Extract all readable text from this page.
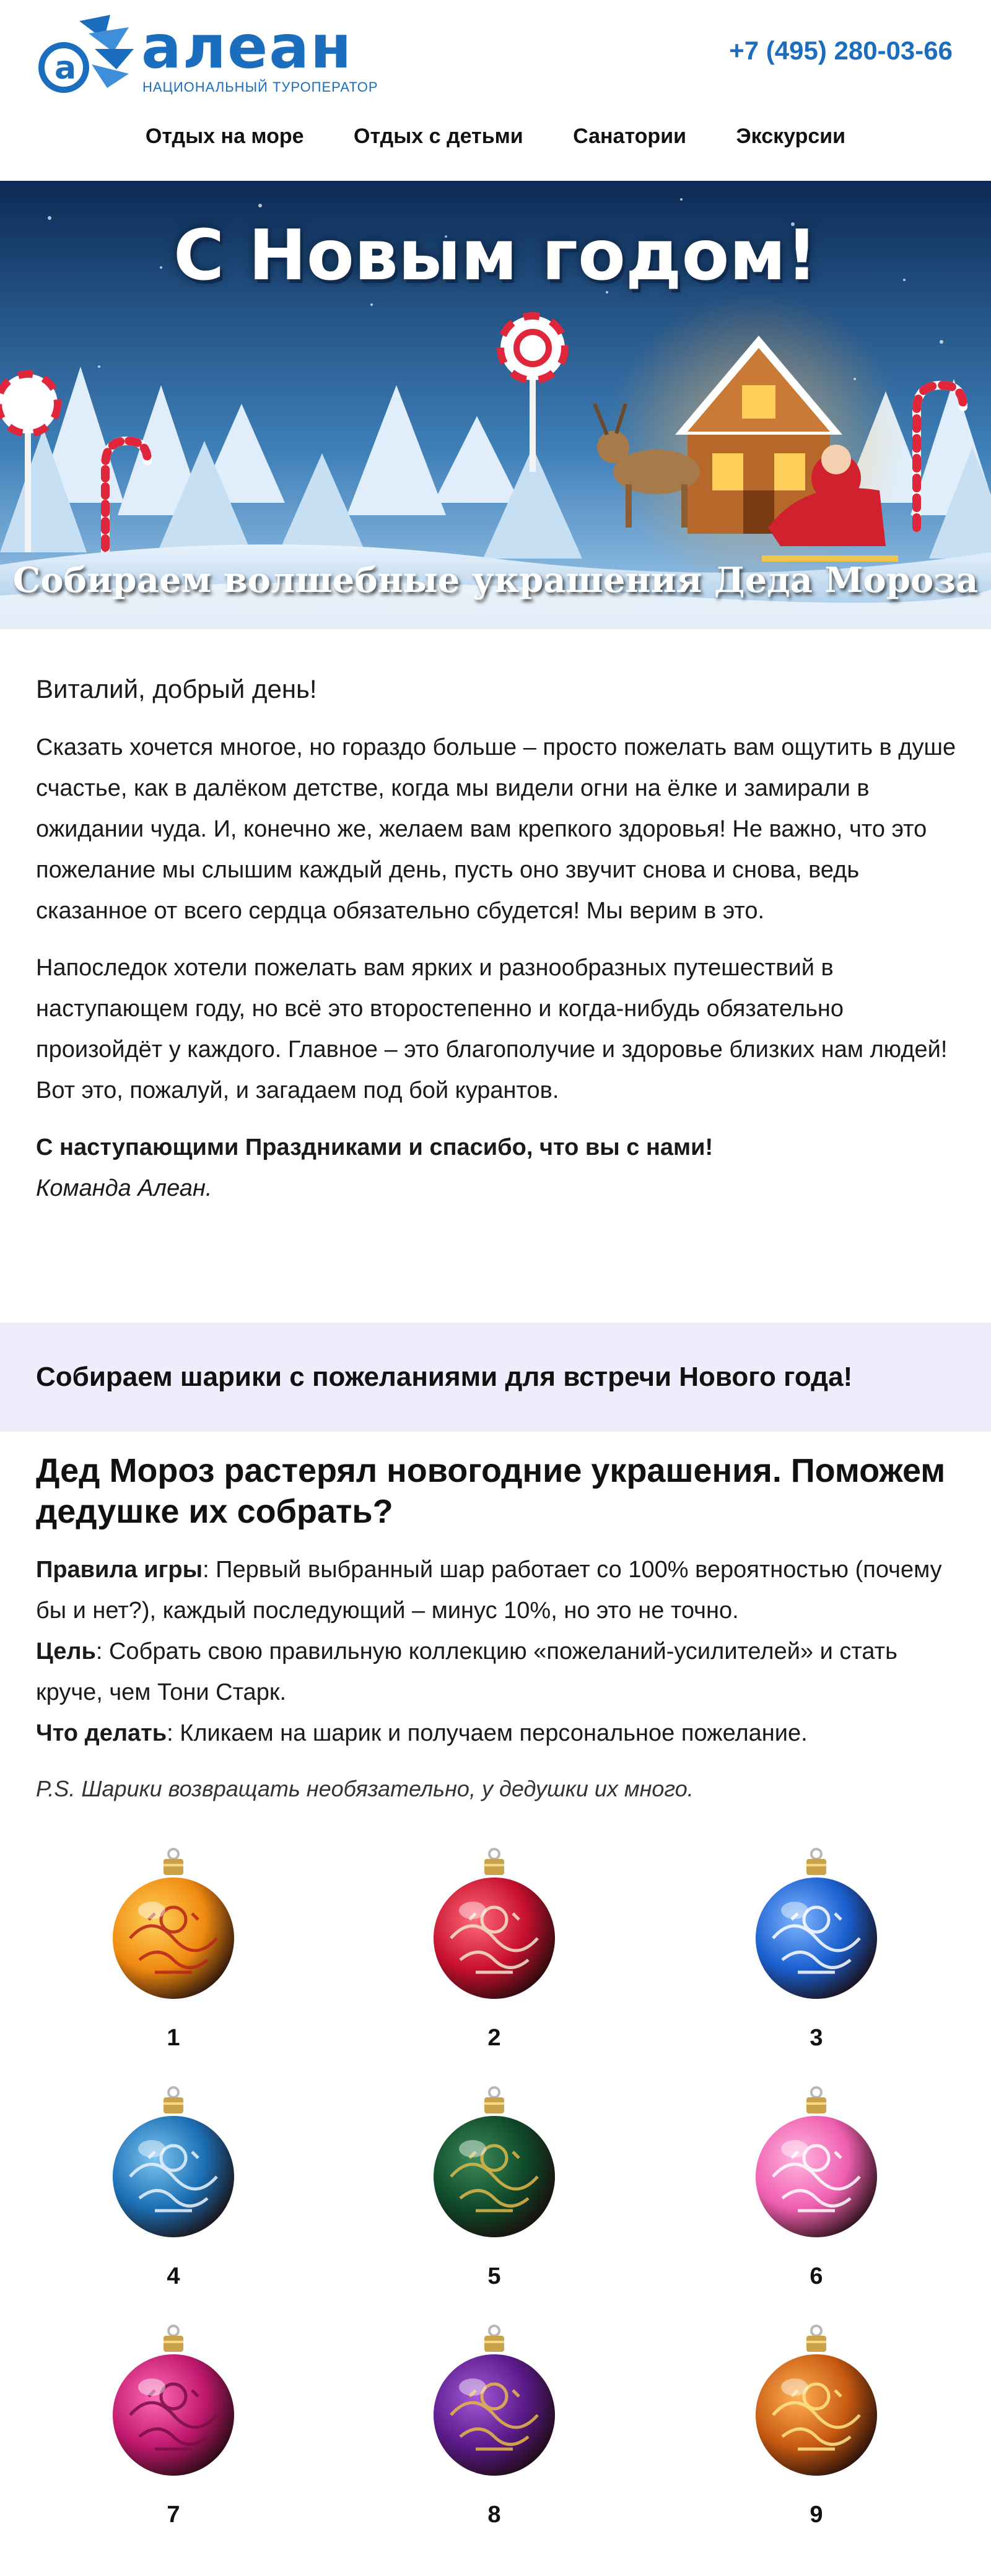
a алеан
НАЦИОНАЛЬНЫЙ ТУРОПЕРАТОР
+7 (495) 280-03-66
Отдых на море Отдых с детьми Санатории Экскурсии
С Новым годом!
Собираем волшебные украшения Деда Мороза

Виталий, добрый день!

Сказать хочется многое, но гораздо больше – просто пожелать вам ощутить в душе счастье, как в далёком детстве, когда мы видели огни на ёлке и замирали в ожидании чуда. И, конечно же, желаем вам крепкого здоровья! Не важно, что это пожелание мы слышим каждый день, пусть оно звучит снова и снова, ведь сказанное от всего сердца обязательно сбудется! Мы верим в это.

Напоследок хотели пожелать вам ярких и разнообразных путешествий в наступающем году, но всё это второстепенно и когда-нибудь обязательно произойдёт у каждого. Главное – это благополучие и здоровье близких нам людей! Вот это, пожалуй, и загадаем под бой курантов.

С наступающими Праздниками и спасибо, что вы с нами!

Команда Алеан.

Собираем шарики с пожеланиями для встречи Нового года!
Дед Мороз растерял новогодние украшения. Поможем дедушке их собрать?

Правила игры: Первый выбранный шар работает со 100% вероятностью (почему бы и нет?), каждый последующий – минус 10%, но это не точно.

Цель: Собрать свою правильную коллекцию «пожеланий-усилителей» и стать круче, чем Тони Старк.

Что делать: Кликаем на шарик и получаем персональное пожелание.

P.S. Шарики возвращать необязательно, у дедушки их много.

1	2	3
4	5	6
7	8	9
